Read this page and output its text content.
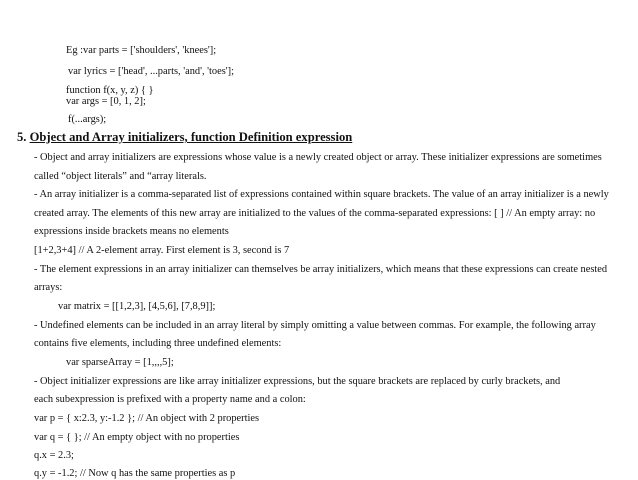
Eg :var parts = ['shoulders', 'knees'];
var lyrics = ['head', ...parts, 'and', 'toes'];
function f(x, y, z) { }
var args = [0, 1, 2];
f(...args);
5. Object and Array initializers, function Definition expression
- Object and array initializers are expressions whose value is a newly created object or array. These initializer expressions are sometimes
called “object literals” and “array literals.
- An array initializer is a comma-separated list of expressions contained within square brackets. The value of an array initializer is a newly
created array. The elements of this new array are initialized to the values of the comma-separated expressions: [ ] // An empty array: no
expressions inside brackets means no elements
[1+2,3+4] // A 2-element array. First element is 3, second is 7
- The element expressions in an array initializer can themselves be array initializers, which means that these expressions can create nested
arrays:
var matrix = [[1,2,3], [4,5,6], [7,8,9]];
- Undefined elements can be included in an array literal by simply omitting a value between commas. For example, the following array
contains five elements, including three undefined elements:
var sparseArray = [1,,,,5];
- Object initializer expressions are like array initializer expressions, but the square brackets are replaced by curly brackets, and
each subexpression is prefixed with a property name and a colon:
var p = { x:2.3, y:-1.2 }; // An object with 2 properties
var q = { }; // An empty object with no properties
q.x = 2.3;
q.y = -1.2; // Now q has the same properties as p
